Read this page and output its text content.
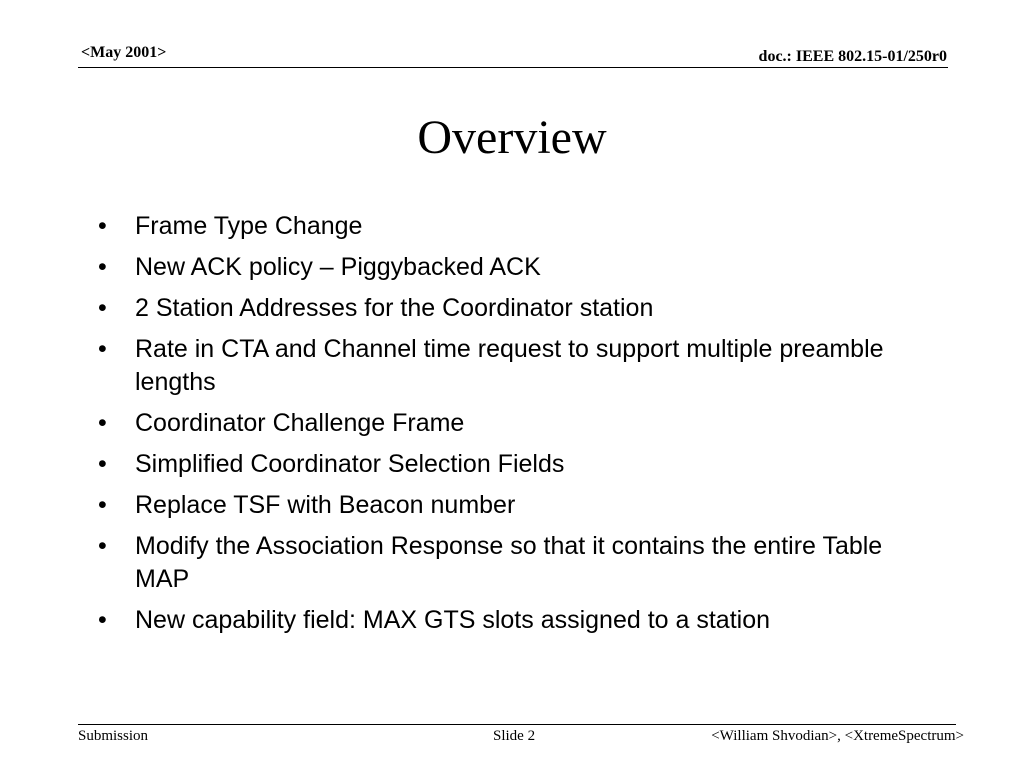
<May 2001>	doc.: IEEE 802.15-01/250r0
Overview
• Frame Type Change
• New ACK policy – Piggybacked ACK
• 2 Station Addresses for the Coordinator station
• Rate in CTA and Channel time request to support multiple preamble lengths
• Coordinator Challenge Frame
• Simplified Coordinator Selection Fields
• Replace TSF with Beacon number
• Modify the Association Response so that it contains the entire Table MAP
• New capability field: MAX GTS slots assigned to a station
Submission	Slide 2	<William Shvodian>, <XtremeSpectrum>
